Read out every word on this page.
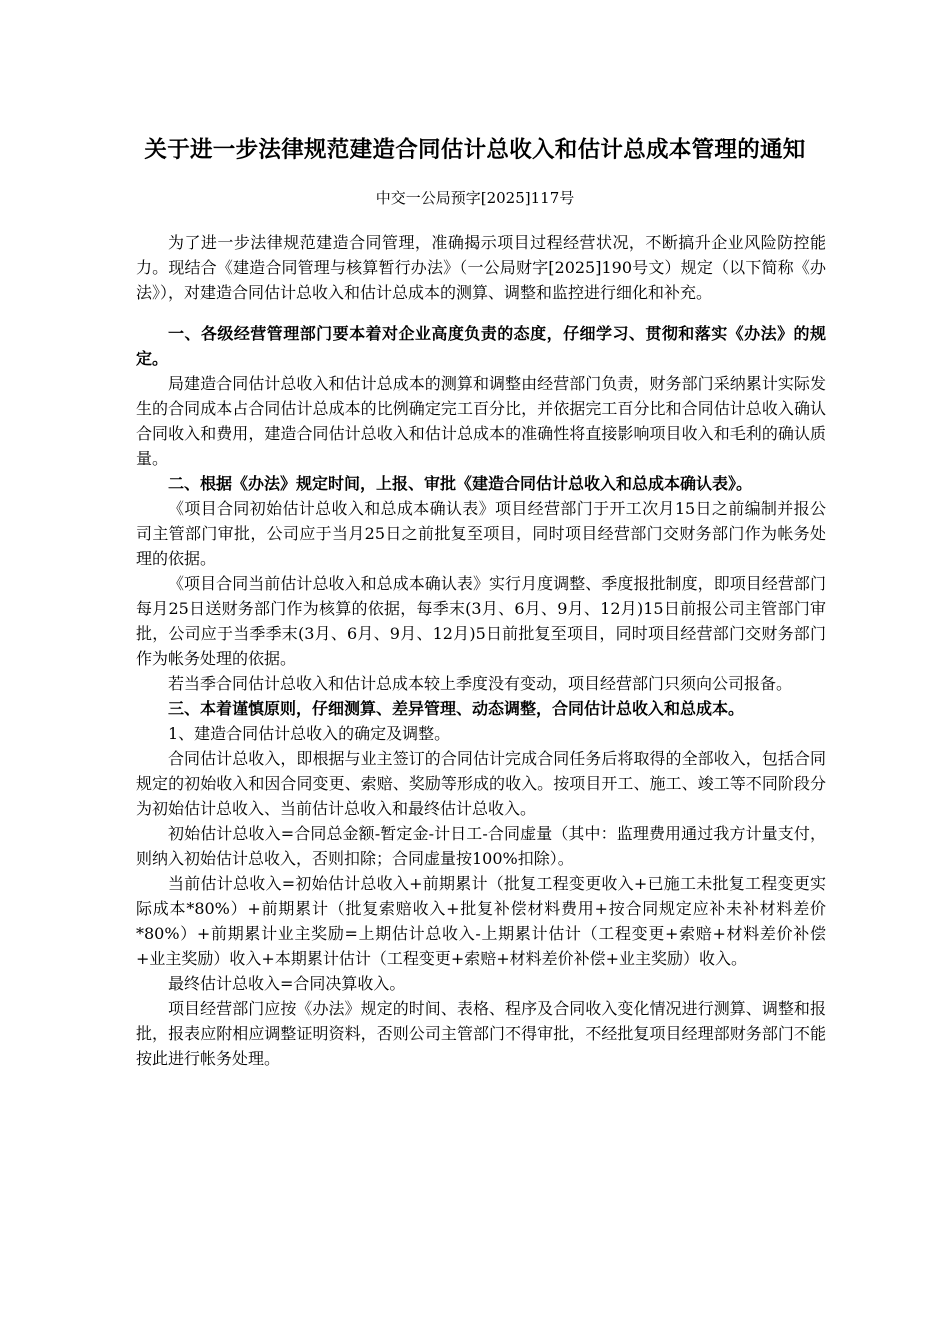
关于进一步法律规范建造合同估计总收入和估计总成本管理的通知
中交一公局预字[2025]117号

为了进一步法律规范建造合同管理，准确揭示项目过程经营状况，不断搞升企业风险防控能力。现结合《建造合同管理与核算暂行办法》（一公局财字[2025]190号文）规定（以下简称《办法》），对建造合同估计总收入和估计总成本的测算、调整和监控进行细化和补充。

一、各级经营管理部门要本着对企业高度负责的态度，仔细学习、贯彻和落实《办法》的规定。

局建造合同估计总收入和估计总成本的测算和调整由经营部门负责，财务部门采纳累计实际发生的合同成本占合同估计总成本的比例确定完工百分比，并依据完工百分比和合同估计总收入确认合同收入和费用，建造合同估计总收入和估计总成本的准确性将直接影响项目收入和毛利的确认质量。

二、根据《办法》规定时间，上报、审批《建造合同估计总收入和总成本确认表》。

《项目合同初始估计总收入和总成本确认表》项目经营部门于开工次月15日之前编制并报公司主管部门审批，公司应于当月25日之前批复至项目，同时项目经营部门交财务部门作为帐务处理的依据。

《项目合同当前估计总收入和总成本确认表》实行月度调整、季度报批制度，即项目经营部门每月25日送财务部门作为核算的依据，每季末(3月、6月、9月、12月)15日前报公司主管部门审批，公司应于当季季末(3月、6月、9月、12月)5日前批复至项目，同时项目经营部门交财务部门作为帐务处理的依据。

若当季合同估计总收入和估计总成本较上季度没有变动，项目经营部门只须向公司报备。

三、本着谨慎原则，仔细测算、差异管理、动态调整，合同估计总收入和总成本。

1、建造合同估计总收入的确定及调整。

合同估计总收入，即根据与业主签订的合同估计完成合同任务后将取得的全部收入，包括合同规定的初始收入和因合同变更、索赔、奖励等形成的收入。按项目开工、施工、竣工等不同阶段分为初始估计总收入、当前估计总收入和最终估计总收入。

初始估计总收入=合同总金额-暂定金-计日工-合同虚量（其中：监理费用通过我方计量支付，则纳入初始估计总收入，否则扣除；合同虚量按100%扣除）。

当前估计总收入=初始估计总收入+前期累计（批复工程变更收入+已施工未批复工程变更实际成本*80%）+前期累计（批复索赔收入+批复补偿材料费用+按合同规定应补未补材料差价*80%）+前期累计业主奖励=上期估计总收入-上期累计估计（工程变更+索赔+材料差价补偿+业主奖励）收入+本期累计估计（工程变更+索赔+材料差价补偿+业主奖励）收入。

最终估计总收入=合同决算收入。

项目经营部门应按《办法》规定的时间、表格、程序及合同收入变化情况进行测算、调整和报批，报表应附相应调整证明资料，否则公司主管部门不得审批，不经批复项目经理部财务部门不能按此进行帐务处理。
